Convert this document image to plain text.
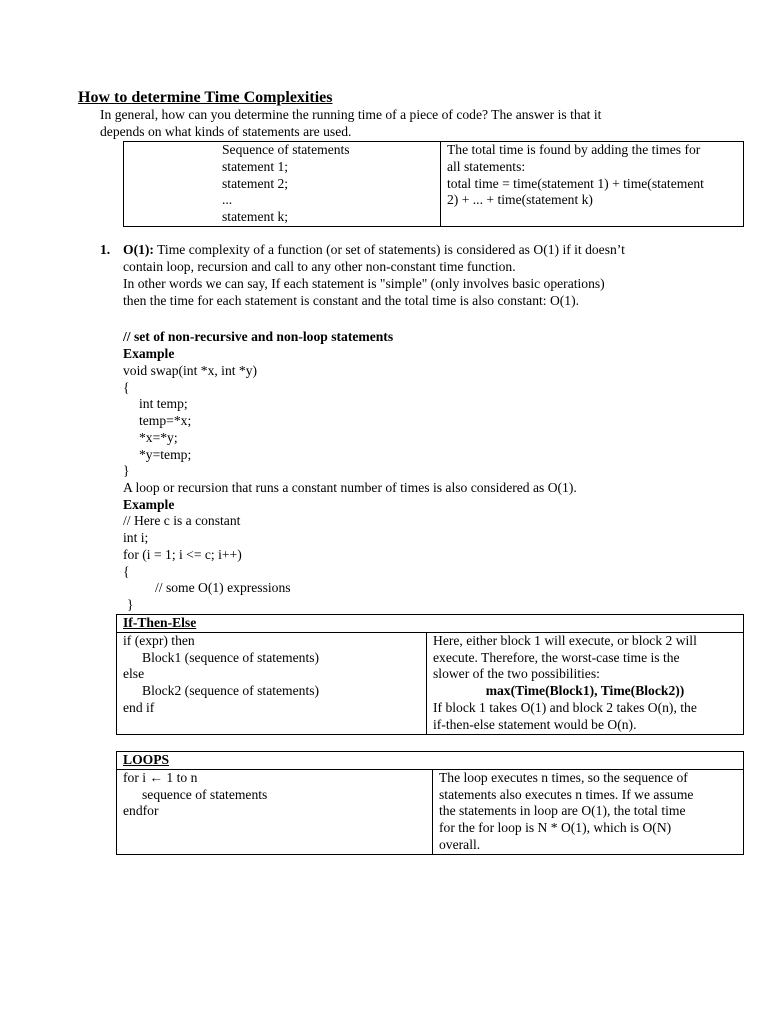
How to determine Time Complexities
In general, how can you determine the running time of a piece of code? The answer is that it
depends on what kinds of statements are used.
Sequence of statements
statement 1;
statement 2;
...
statement k;

The total time is found by adding the times for
all statements:
total time = time(statement 1) + time(statement
2) + ... + time(statement k)
1. O(1): Time complexity of a function (or set of statements) is considered as O(1) if it doesn’t
contain loop, recursion and call to any other non-constant time function.
In other words we can say, If each statement is "simple" (only involves basic operations)
then the time for each statement is constant and the total time is also constant: O(1).
// set of non-recursive and non-loop statements
Example
void swap(int *x, int *y)
{
int temp;
temp=*x;
*x=*y;
*y=temp;
}
A loop or recursion that runs a constant number of times is also considered as O(1).
Example
// Here c is a constant
int i;
for (i = 1; i <= c; i++)
{
// some O(1) expressions
}
If-Then-Else

if (expr) then
Block1 (sequence of statements)
else
Block2 (sequence of statements)
end if

Here, either block 1 will execute, or block 2 will
execute. Therefore, the worst-case time is the
slower of the two possibilities:
max(Time(Block1), Time(Block2))
If block 1 takes O(1) and block 2 takes O(n), the
if-then-else statement would be O(n).
LOOPS

for i ← 1 to n
sequence of statements
endfor

The loop executes n times, so the sequence of
statements also executes n times. If we assume
the statements in loop are O(1), the total time
for the for loop is N * O(1), which is O(N)
overall.
